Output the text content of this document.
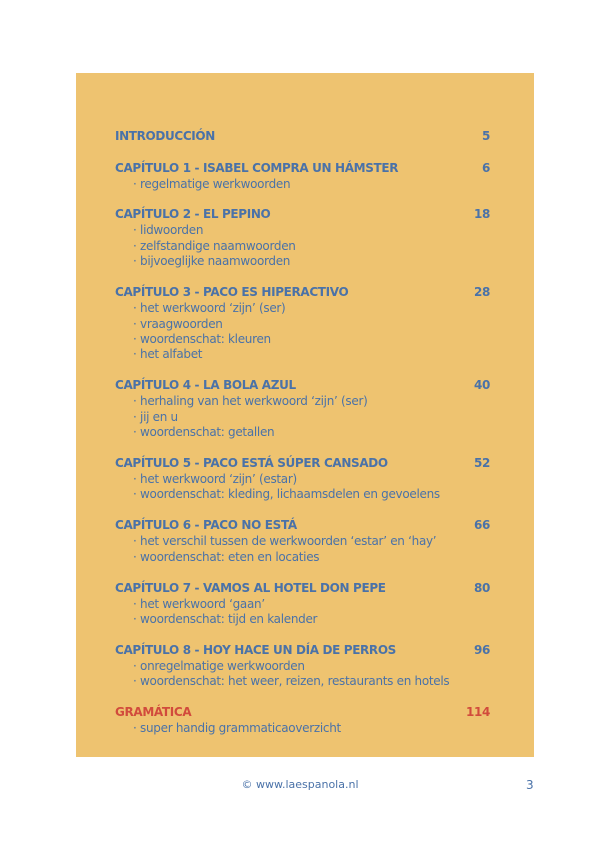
INTRODUCCIÓN	5
CAPÍTULO 1 - ISABEL COMPRA UN HÁMSTER	6
· regelmatige werkwoorden
CAPÍTULO 2 - EL PEPINO	18
· lidwoorden
· zelfstandige naamwoorden
· bijvoeglijke naamwoorden
CAPÍTULO 3 - PACO ES HIPERACTIVO	28
· het werkwoord ‘zijn’ (ser)
· vraagwoorden
· woordenschat: kleuren
· het alfabet
CAPÍTULO 4 - LA BOLA AZUL	40
· herhaling van het werkwoord ‘zijn’ (ser)
· jij en u
· woordenschat: getallen
CAPÍTULO 5 - PACO ESTÁ SÚPER CANSADO	52
· het werkwoord ‘zijn’ (estar)
· woordenschat: kleding, lichaamsdelen en gevoelens
CAPÍTULO 6 - PACO NO ESTÁ	66
· het verschil tussen de werkwoorden ‘estar’ en ‘hay’
· woordenschat: eten en locaties
CAPÍTULO 7 - VAMOS AL HOTEL DON PEPE	80
· het werkwoord ‘gaan’
· woordenschat: tijd en kalender
CAPÍTULO 8 - HOY HACE UN DÍA DE PERROS	96
· onregelmatige werkwoorden
· woordenschat: het weer, reizen, restaurants en hotels
GRAMÁTICA	114
· super handig grammaticaoverzicht
© www.laespanola.nl	3
